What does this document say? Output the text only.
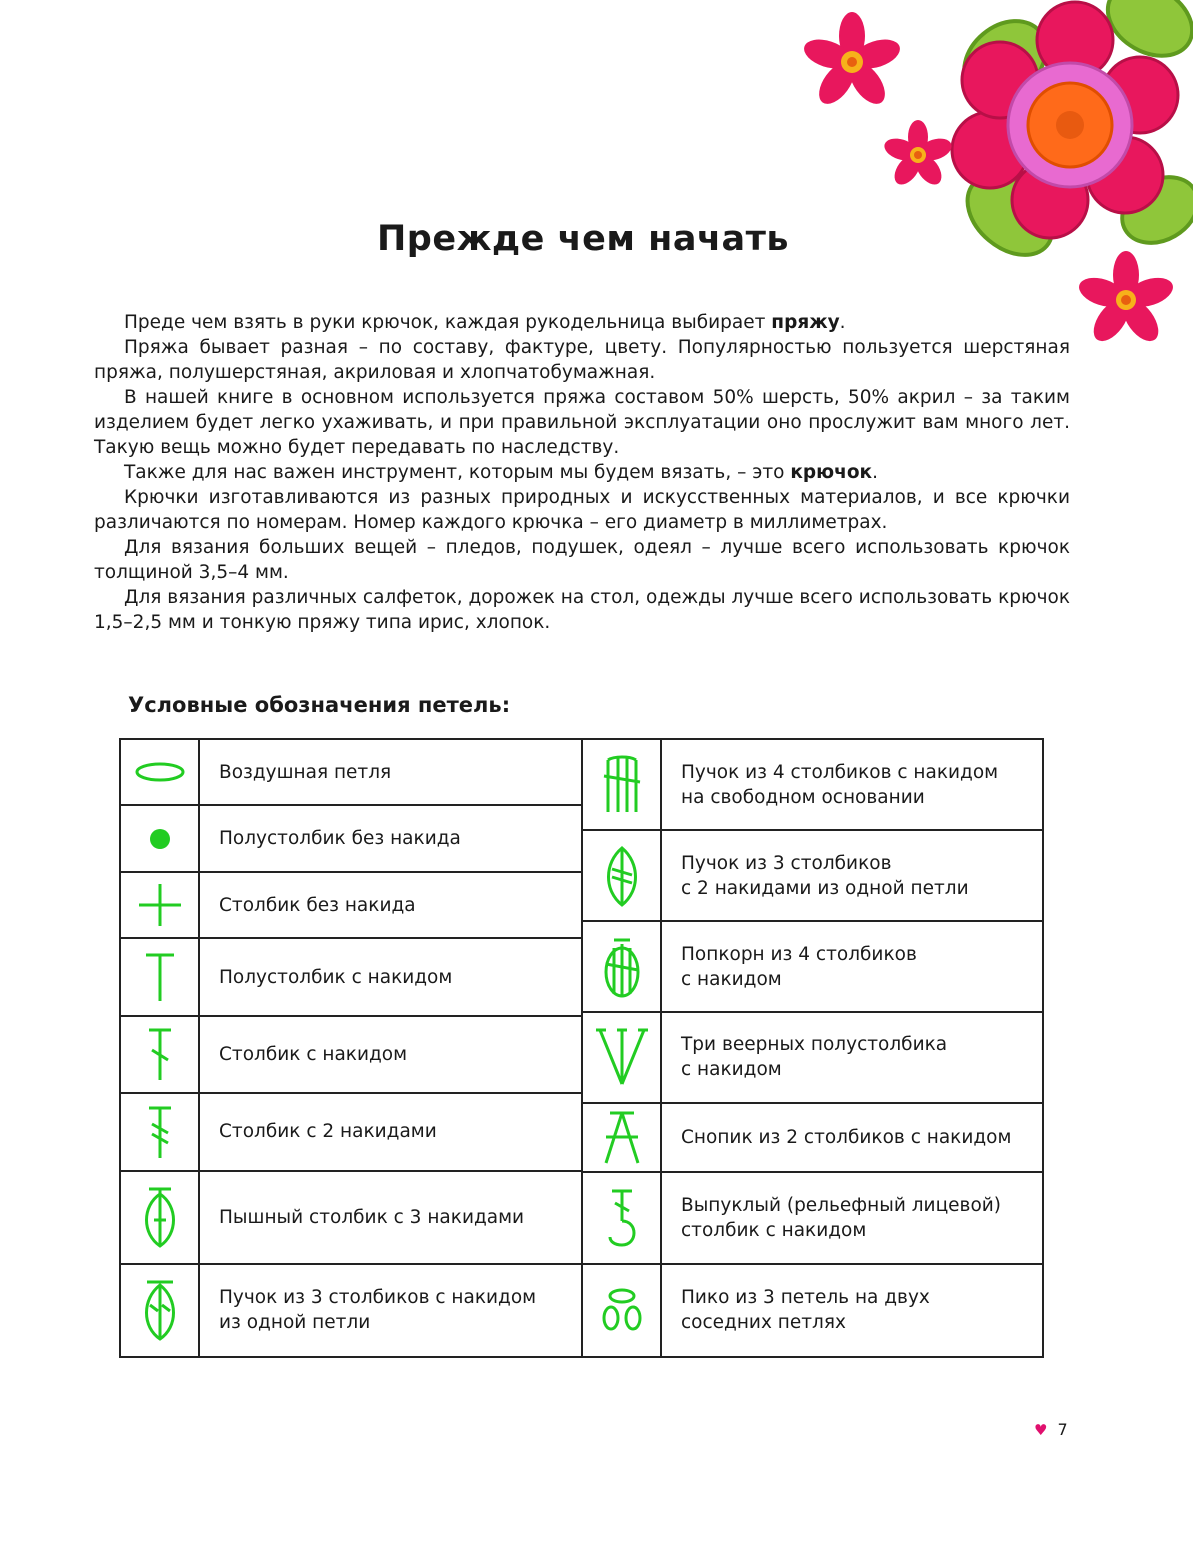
Прежде чем начать

Преде чем взять в руки крючок, каждая рукодельница выбирает пряжу.

Пряжа бывает разная – по составу, фактуре, цвету. Популярностью пользуется шерстяная пряжа, полушерстяная, акриловая и хлопчатобумажная.

В нашей книге в основном используется пряжа составом 50% шерсть, 50% акрил – за таким изделием будет легко ухаживать, и при правильной эксплуатации оно прослужит вам много лет. Такую вещь можно будет передавать по наследству.

Также для нас важен инструмент, которым мы будем вязать, – это крючок.

Крючки изготавливаются из разных природных и искусственных материалов, и все крючки различаются по номерам. Номер каждого крючка – его диаметр в миллиметрах.

Для вязания больших вещей – пледов, подушек, одеял – лучше всего использовать крючок толщиной 3,5–4 мм.

Для вязания различных салфеток, дорожек на стол, одежды лучше всего использовать крючок 1,5–2,5 мм и тонкую пряжу типа ирис, хлопок.

Условные обозначения петель:
Воздушная петля
Полустолбик без накида
Столбик без накида
Полустолбик с накидом
Столбик с накидом
Столбик с 2 накидами
Пышный столбик с 3 накидами
Пучок из 3 столбиков с накидом
из одной петли
Пучок из 4 столбиков с накидом
на свободном основании
Пучок из 3 столбиков
с 2 накидами из одной петли
Попкорн из 4 столбиков
с накидом
Три веерных полустолбика
с накидом
Снопик из 2 столбиков с накидом
Выпуклый (рельефный лицевой)
столбик с накидом
Пико из 3 петель на двух
соседних петлях
♥ 7
